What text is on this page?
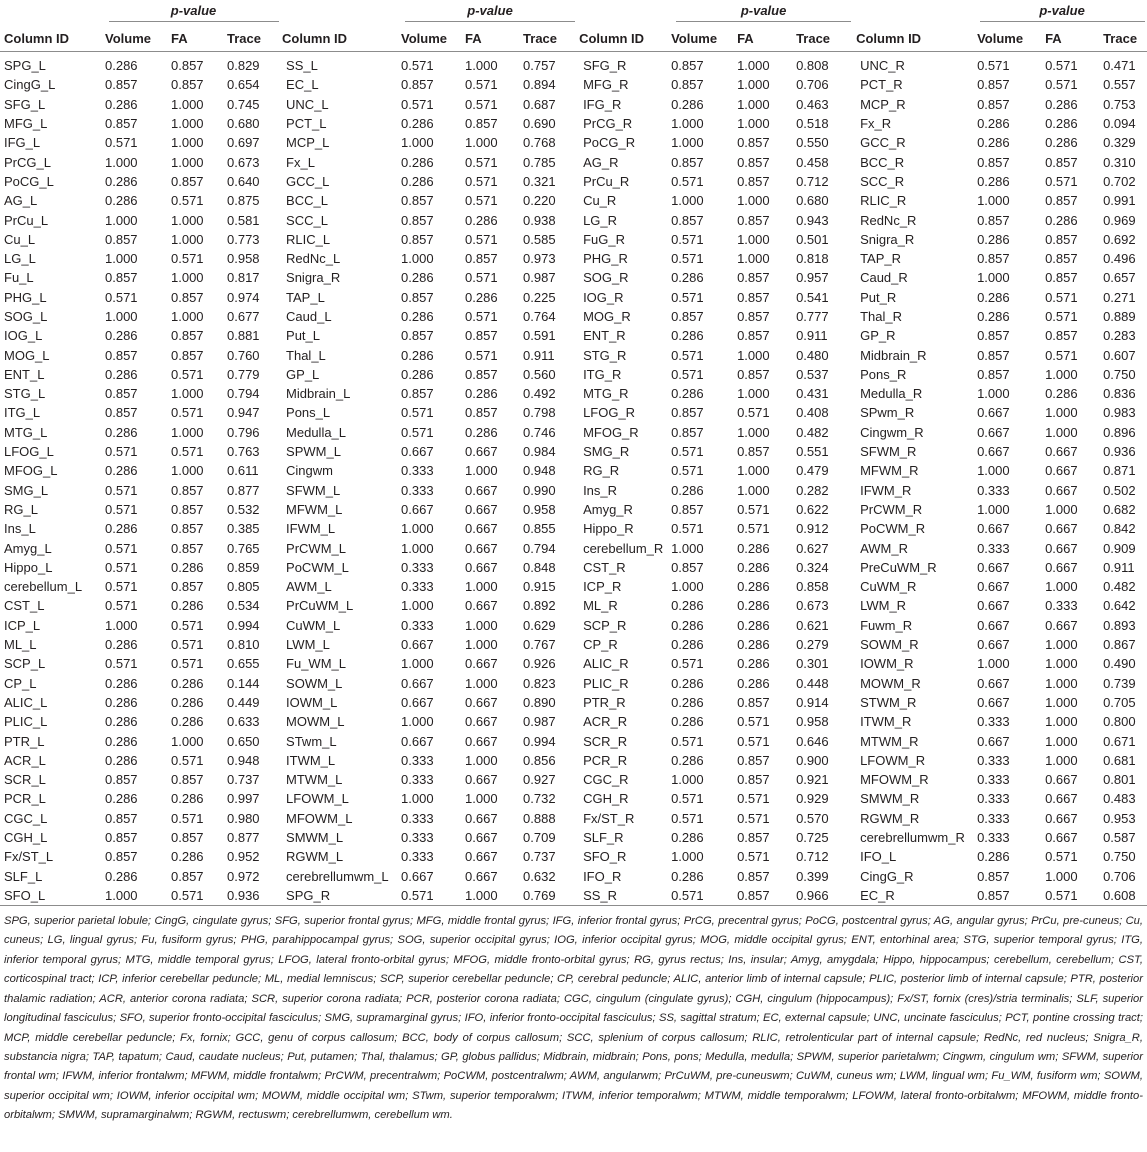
	p-value				p-value				p-value				p-value		

Column ID	Volume	FA	Trace	Column ID	Volume	FA	Trace	Column ID	Volume	FA	Trace	Column ID	Volume	FA	Trace

SPG_L	0.286	0.857	0.829	SS_L	0.571	1.000	0.757	SFG_R	0.857	1.000	0.808	UNC_R	0.571	0.571	0.471
CingG_L	0.857	0.857	0.654	EC_L	0.857	0.571	0.894	MFG_R	0.857	1.000	0.706	PCT_R	0.857	0.571	0.557
SFG_L	0.286	1.000	0.745	UNC_L	0.571	0.571	0.687	IFG_R	0.286	1.000	0.463	MCP_R	0.857	0.286	0.753
MFG_L	0.857	1.000	0.680	PCT_L	0.286	0.857	0.690	PrCG_R	1.000	1.000	0.518	Fx_R	0.286	0.286	0.094
IFG_L	0.571	1.000	0.697	MCP_L	1.000	1.000	0.768	PoCG_R	1.000	0.857	0.550	GCC_R	0.286	0.286	0.329
PrCG_L	1.000	1.000	0.673	Fx_L	0.286	0.571	0.785	AG_R	0.857	0.857	0.458	BCC_R	0.857	0.857	0.310
PoCG_L	0.286	0.857	0.640	GCC_L	0.286	0.571	0.321	PrCu_R	0.571	0.857	0.712	SCC_R	0.286	0.571	0.702
AG_L	0.286	0.571	0.875	BCC_L	0.857	0.571	0.220	Cu_R	1.000	1.000	0.680	RLIC_R	1.000	0.857	0.991
PrCu_L	1.000	1.000	0.581	SCC_L	0.857	0.286	0.938	LG_R	0.857	0.857	0.943	RedNc_R	0.857	0.286	0.969
Cu_L	0.857	1.000	0.773	RLIC_L	0.857	0.571	0.585	FuG_R	0.571	1.000	0.501	Snigra_R	0.286	0.857	0.692
LG_L	1.000	0.571	0.958	RedNc_L	1.000	0.857	0.973	PHG_R	0.571	1.000	0.818	TAP_R	0.857	0.857	0.496
Fu_L	0.857	1.000	0.817	Snigra_R	0.286	0.571	0.987	SOG_R	0.286	0.857	0.957	Caud_R	1.000	0.857	0.657
PHG_L	0.571	0.857	0.974	TAP_L	0.857	0.286	0.225	IOG_R	0.571	0.857	0.541	Put_R	0.286	0.571	0.271
SOG_L	1.000	1.000	0.677	Caud_L	0.286	0.571	0.764	MOG_R	0.857	0.857	0.777	Thal_R	0.286	0.571	0.889
IOG_L	0.286	0.857	0.881	Put_L	0.857	0.857	0.591	ENT_R	0.286	0.857	0.911	GP_R	0.857	0.857	0.283
MOG_L	0.857	0.857	0.760	Thal_L	0.286	0.571	0.911	STG_R	0.571	1.000	0.480	Midbrain_R	0.857	0.571	0.607
ENT_L	0.286	0.571	0.779	GP_L	0.286	0.857	0.560	ITG_R	0.571	0.857	0.537	Pons_R	0.857	1.000	0.750
STG_L	0.857	1.000	0.794	Midbrain_L	0.857	0.286	0.492	MTG_R	0.286	1.000	0.431	Medulla_R	1.000	0.286	0.836
ITG_L	0.857	0.571	0.947	Pons_L	0.571	0.857	0.798	LFOG_R	0.857	0.571	0.408	SPwm_R	0.667	1.000	0.983
MTG_L	0.286	1.000	0.796	Medulla_L	0.571	0.286	0.746	MFOG_R	0.857	1.000	0.482	Cingwm_R	0.667	1.000	0.896
LFOG_L	0.571	0.571	0.763	SPWM_L	0.667	0.667	0.984	SMG_R	0.571	0.857	0.551	SFWM_R	0.667	0.667	0.936
MFOG_L	0.286	1.000	0.611	Cingwm	0.333	1.000	0.948	RG_R	0.571	1.000	0.479	MFWM_R	1.000	0.667	0.871
SMG_L	0.571	0.857	0.877	SFWM_L	0.333	0.667	0.990	Ins_R	0.286	1.000	0.282	IFWM_R	0.333	0.667	0.502
RG_L	0.571	0.857	0.532	MFWM_L	0.667	0.667	0.958	Amyg_R	0.857	0.571	0.622	PrCWM_R	1.000	1.000	0.682
Ins_L	0.286	0.857	0.385	IFWM_L	1.000	0.667	0.855	Hippo_R	0.571	0.571	0.912	PoCWM_R	0.667	0.667	0.842
Amyg_L	0.571	0.857	0.765	PrCWM_L	1.000	0.667	0.794	cerebellum_R	1.000	0.286	0.627	AWM_R	0.333	0.667	0.909
Hippo_L	0.571	0.286	0.859	PoCWM_L	0.333	0.667	0.848	CST_R	0.857	0.286	0.324	PreCuWM_R	0.667	0.667	0.911
cerebellum_L	0.571	0.857	0.805	AWM_L	0.333	1.000	0.915	ICP_R	1.000	0.286	0.858	CuWM_R	0.667	1.000	0.482
CST_L	0.571	0.286	0.534	PrCuWM_L	1.000	0.667	0.892	ML_R	0.286	0.286	0.673	LWM_R	0.667	0.333	0.642
ICP_L	1.000	0.571	0.994	CuWM_L	0.333	1.000	0.629	SCP_R	0.286	0.286	0.621	Fuwm_R	0.667	0.667	0.893
ML_L	0.286	0.571	0.810	LWM_L	0.667	1.000	0.767	CP_R	0.286	0.286	0.279	SOWM_R	0.667	1.000	0.867
SCP_L	0.571	0.571	0.655	Fu_WM_L	1.000	0.667	0.926	ALIC_R	0.571	0.286	0.301	IOWM_R	1.000	1.000	0.490
CP_L	0.286	0.286	0.144	SOWM_L	0.667	1.000	0.823	PLIC_R	0.286	0.286	0.448	MOWM_R	0.667	1.000	0.739
ALIC_L	0.286	0.286	0.449	IOWM_L	0.667	0.667	0.890	PTR_R	0.286	0.857	0.914	STWM_R	0.667	1.000	0.705
PLIC_L	0.286	0.286	0.633	MOWM_L	1.000	0.667	0.987	ACR_R	0.286	0.571	0.958	ITWM_R	0.333	1.000	0.800
PTR_L	0.286	1.000	0.650	STwm_L	0.667	0.667	0.994	SCR_R	0.571	0.571	0.646	MTWM_R	0.667	1.000	0.671
ACR_L	0.286	0.571	0.948	ITWM_L	0.333	1.000	0.856	PCR_R	0.286	0.857	0.900	LFOWM_R	0.333	1.000	0.681
SCR_L	0.857	0.857	0.737	MTWM_L	0.333	0.667	0.927	CGC_R	1.000	0.857	0.921	MFOWM_R	0.333	0.667	0.801
PCR_L	0.286	0.286	0.997	LFOWM_L	1.000	1.000	0.732	CGH_R	0.571	0.571	0.929	SMWM_R	0.333	0.667	0.483
CGC_L	0.857	0.571	0.980	MFOWM_L	0.333	0.667	0.888	Fx/ST_R	0.571	0.571	0.570	RGWM_R	0.333	0.667	0.953
CGH_L	0.857	0.857	0.877	SMWM_L	0.333	0.667	0.709	SLF_R	0.286	0.857	0.725	cerebrellumwm_R	0.333	0.667	0.587
Fx/ST_L	0.857	0.286	0.952	RGWM_L	0.333	0.667	0.737	SFO_R	1.000	0.571	0.712	IFO_L	0.286	0.571	0.750
SLF_L	0.286	0.857	0.972	cerebrellumwm_L	0.667	0.667	0.632	IFO_R	0.286	0.857	0.399	CingG_R	0.857	1.000	0.706
SFO_L	1.000	0.571	0.936	SPG_R	0.571	1.000	0.769	SS_R	0.571	0.857	0.966	EC_R	0.857	0.571	0.608

SPG, superior parietal lobule; CingG, cingulate gyrus; SFG, superior frontal gyrus; MFG, middle frontal gyrus; IFG, inferior frontal gyrus; PrCG, precentral gyrus; PoCG, postcentral gyrus; AG, angular gyrus; PrCu, pre-cuneus; Cu, cuneus; LG, lingual gyrus; Fu, fusiform gyrus; PHG, parahippocampal gyrus; SOG, superior occipital gyrus; IOG, inferior occipital gyrus; MOG, middle occipital gyrus; ENT, entorhinal area; STG, superior temporal gyrus; ITG, inferior temporal gyrus; MTG, middle temporal gyrus; LFOG, lateral fronto-orbital gyrus; MFOG, middle fronto-orbital gyrus; RG, gyrus rectus; Ins, insular; Amyg, amygdala; Hippo, hippocampus; cerebellum, cerebellum; CST, corticospinal tract; ICP, inferior cerebellar peduncle; ML, medial lemniscus; SCP, superior cerebellar peduncle; CP, cerebral peduncle; ALIC, anterior limb of internal capsule; PLIC, posterior limb of internal capsule; PTR, posterior thalamic radiation; ACR, anterior corona radiata; SCR, superior corona radiata; PCR, posterior corona radiata; CGC, cingulum (cingulate gyrus); CGH, cingulum (hippocampus); Fx/ST, fornix (cres)/stria terminalis; SLF, superior longitudinal fasciculus; SFO, superior fronto-occipital fasciculus; SMG, supramarginal gyrus; IFO, inferior fronto-occipital fasciculus; SS, sagittal stratum; EC, external capsule; UNC, uncinate fasciculus; PCT, pontine crossing tract; MCP, middle cerebellar peduncle; Fx, fornix; GCC, genu of corpus callosum; BCC, body of corpus callosum; SCC, splenium of corpus callosum; RLIC, retrolenticular part of internal capsule; RedNc, red nucleus; Snigra_R, substancia nigra; TAP, tapatum; Caud, caudate nucleus; Put, putamen; Thal, thalamus; GP, globus pallidus; Midbrain, midbrain; Pons, pons; Medulla, medulla; SPWM, superior parietalwm; Cingwm, cingulum wm; SFWM, superior frontal wm; IFWM, inferior frontalwm; MFWM, middle frontalwm; PrCWM, precentralwm; PoCWM, postcentralwm; AWM, angularwm; PrCuWM, pre-cuneuswm; CuWM, cuneus wm; LWM, lingual wm; Fu_WM, fusiform wm; SOWM, superior occipital wm; IOWM, inferior occipital wm; MOWM, middle occipital wm; STwm, superior temporalwm; ITWM, inferior temporalwm; MTWM, middle temporalwm; LFOWM, lateral fronto-orbitalwm; MFOWM, middle fronto-orbitalwm; SMWM, supramarginalwm; RGWM, rectuswm; cerebrellumwm, cerebellum wm.
